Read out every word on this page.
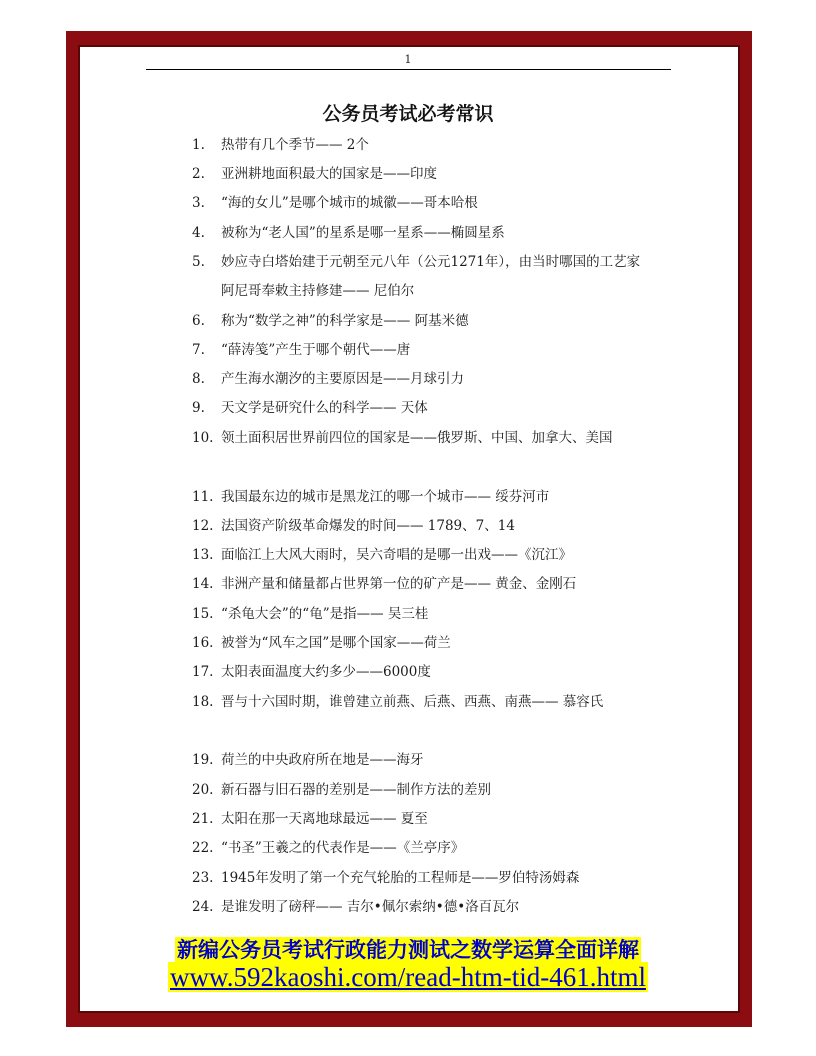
1
公务员考试必考常识
1.	热带有几个季节—— 2个
2.	亚洲耕地面积最大的国家是——印度
3.	“海的女儿”是哪个城市的城徽——哥本哈根
4.	被称为“老人国”的星系是哪一星系——椭圆星系
5.	妙应寺白塔始建于元朝至元八年（公元1271年），由当时哪国的工艺家阿尼哥奉敕主持修建—— 尼伯尔
6.	称为“数学之神”的科学家是—— 阿基米德
7.	“薛涛笺”产生于哪个朝代——唐
8.	产生海水潮汐的主要原因是——月球引力
9.	天文学是研究什么的科学—— 天体
10. 领土面积居世界前四位的国家是——俄罗斯、中国、加拿大、美国
11. 我国最东边的城市是黑龙江的哪一个城市—— 绥芬河市
12. 法国资产阶级革命爆发的时间—— 1789、7、14
13. 面临江上大风大雨时，吴六奇唱的是哪一出戏——《沉江》
14. 非洲产量和储量都占世界第一位的矿产是—— 黄金、金刚石
15. “杀龟大会”的“龟”是指—— 吴三桂
16. 被誉为“风车之国”是哪个国家——荷兰
17. 太阳表面温度大约多少——6000度
18. 晋与十六国时期，谁曾建立前燕、后燕、西燕、南燕—— 慕容氏
19. 荷兰的中央政府所在地是——海牙
20. 新石器与旧石器的差别是——制作方法的差别
21. 太阳在那一天离地球最远—— 夏至
22. “书圣”王羲之的代表作是——《兰亭序》
23. 1945年发明了第一个充气轮胎的工程师是——罗伯特汤姆森
24. 是谁发明了磅秤—— 吉尔•佩尔索纳•德•洛百瓦尔
新编公务员考试行政能力测试之数学运算全面详解
www.592kaoshi.com/read-htm-tid-461.html
